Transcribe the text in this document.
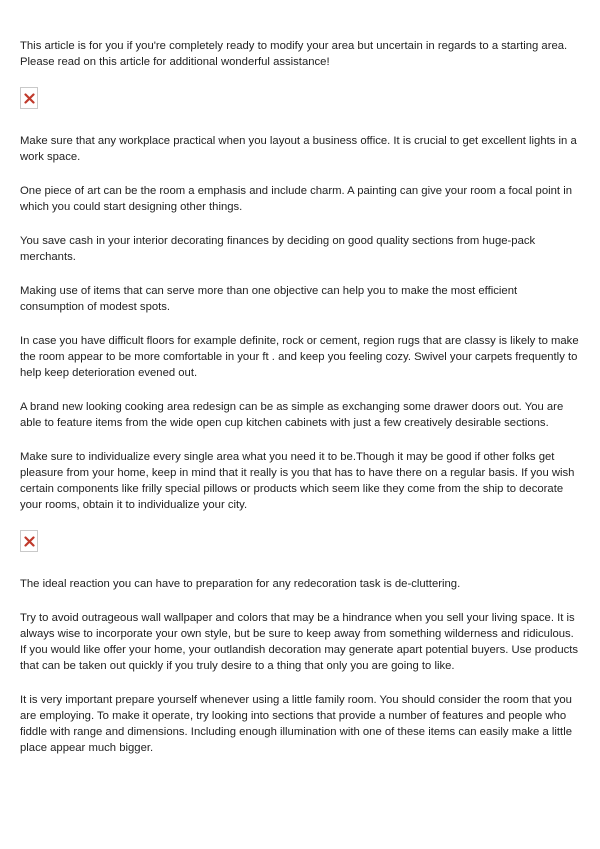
This article is for you if you're completely ready to modify your area but uncertain in regards to a starting area. Please read on this article for additional wonderful assistance!

Make sure that any workplace practical when you layout a business office. It is crucial to get excellent lights in a work space.

One piece of art can be the room a emphasis and include charm. A painting can give your room a focal point in which you could start designing other things.

You save cash in your interior decorating finances by deciding on good quality sections from huge-pack merchants.

Making use of items that can serve more than one objective can help you to make the most efficient consumption of modest spots.

In case you have difficult floors for example definite, rock or cement, region rugs that are classy is likely to make the room appear to be more comfortable in your ft . and keep you feeling cozy. Swivel your carpets frequently to help keep deterioration evened out.

A brand new looking cooking area redesign can be as simple as exchanging some drawer doors out. You are able to feature items from the wide open cup kitchen cabinets with just a few creatively desirable sections.

Make sure to individualize every single area what you need it to be.Though it may be good if other folks get pleasure from your home, keep in mind that it really is you that has to have there on a regular basis. If you wish certain components like frilly special pillows or products which seem like they come from the ship to decorate your rooms, obtain it to individualize your city.

The ideal reaction you can have to preparation for any redecoration task is de-cluttering.

Try to avoid outrageous wall wallpaper and colors that may be a hindrance when you sell your living space. It is always wise to incorporate your own style, but be sure to keep away from something wilderness and ridiculous. If you would like offer your home, your outlandish decoration may generate apart potential buyers. Use products that can be taken out quickly if you truly desire to a thing that only you are going to like.

It is very important prepare yourself whenever using a little family room. You should consider the room that you are employing. To make it operate, try looking into sections that provide a number of features and people who fiddle with range and dimensions. Including enough illumination with one of these items can easily make a little place appear much bigger.
